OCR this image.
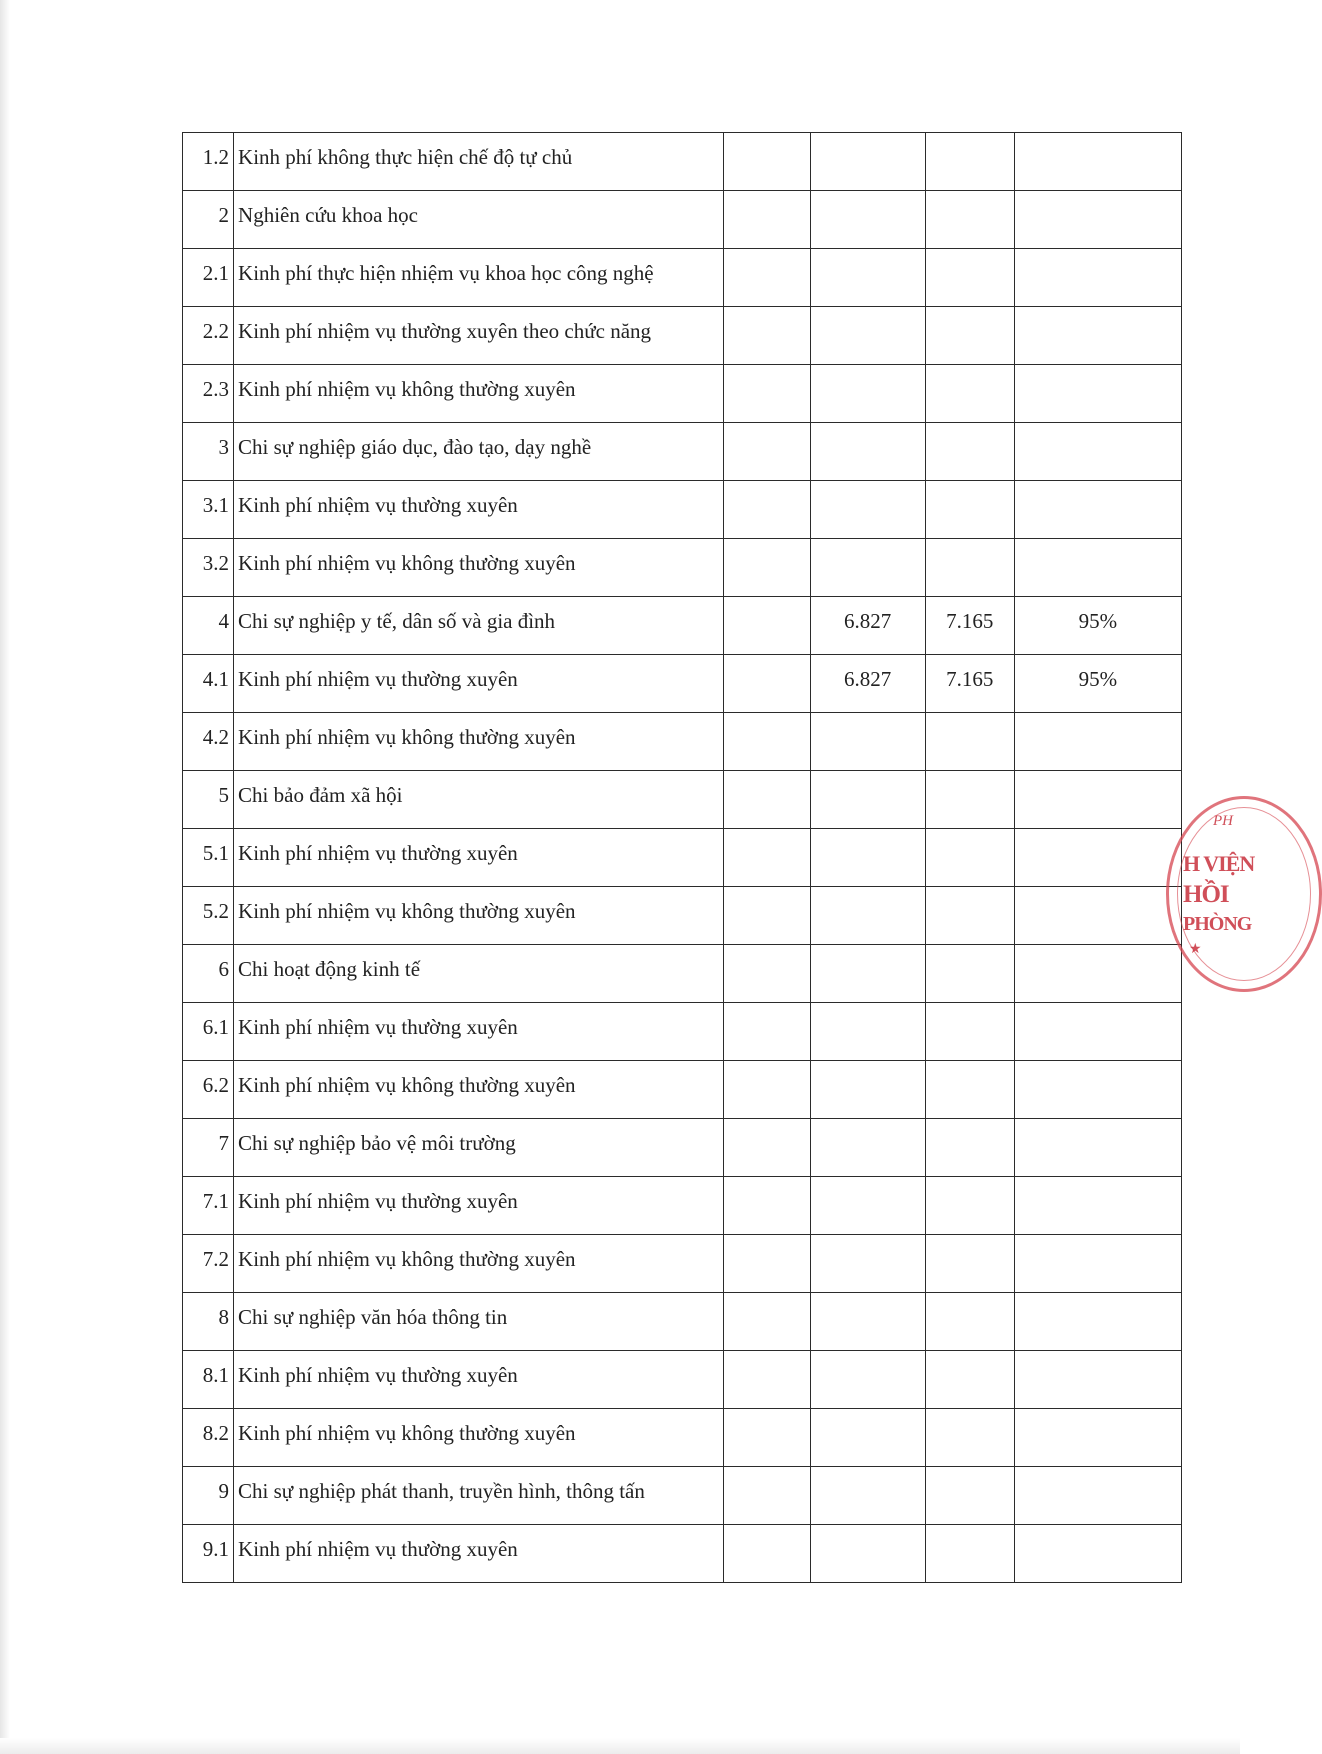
1.2	Kinh phí không thực hiện chế độ tự chủ				
2	Nghiên cứu khoa học				
2.1	Kinh phí thực hiện nhiệm vụ khoa học công nghệ				
2.2	Kinh phí nhiệm vụ thường xuyên theo chức năng				
2.3	Kinh phí nhiệm vụ không thường xuyên				
3	Chi sự nghiệp giáo dục, đào tạo, dạy nghề				
3.1	Kinh phí nhiệm vụ thường xuyên				
3.2	Kinh phí nhiệm vụ không thường xuyên				
4	Chi sự nghiệp y tế, dân số và gia đình		6.827	7.165	95%
4.1	Kinh phí nhiệm vụ thường xuyên		6.827	7.165	95%
4.2	Kinh phí nhiệm vụ không thường xuyên				
5	Chi bảo đảm xã hội				
5.1	Kinh phí nhiệm vụ thường xuyên				
5.2	Kinh phí nhiệm vụ không thường xuyên				
6	Chi hoạt động kinh tế				
6.1	Kinh phí nhiệm vụ thường xuyên				
6.2	Kinh phí nhiệm vụ không thường xuyên				
7	Chi sự nghiệp bảo vệ môi trường				
7.1	Kinh phí nhiệm vụ thường xuyên				
7.2	Kinh phí nhiệm vụ không thường xuyên				
8	Chi sự nghiệp văn hóa thông tin				
8.1	Kinh phí nhiệm vụ thường xuyên				
8.2	Kinh phí nhiệm vụ không thường xuyên				
9	Chi sự nghiệp phát thanh, truyền hình, thông tấn				
9.1	Kinh phí nhiệm vụ thường xuyên				
PH
H VIỆN
HỒI
PHÒNG
★
